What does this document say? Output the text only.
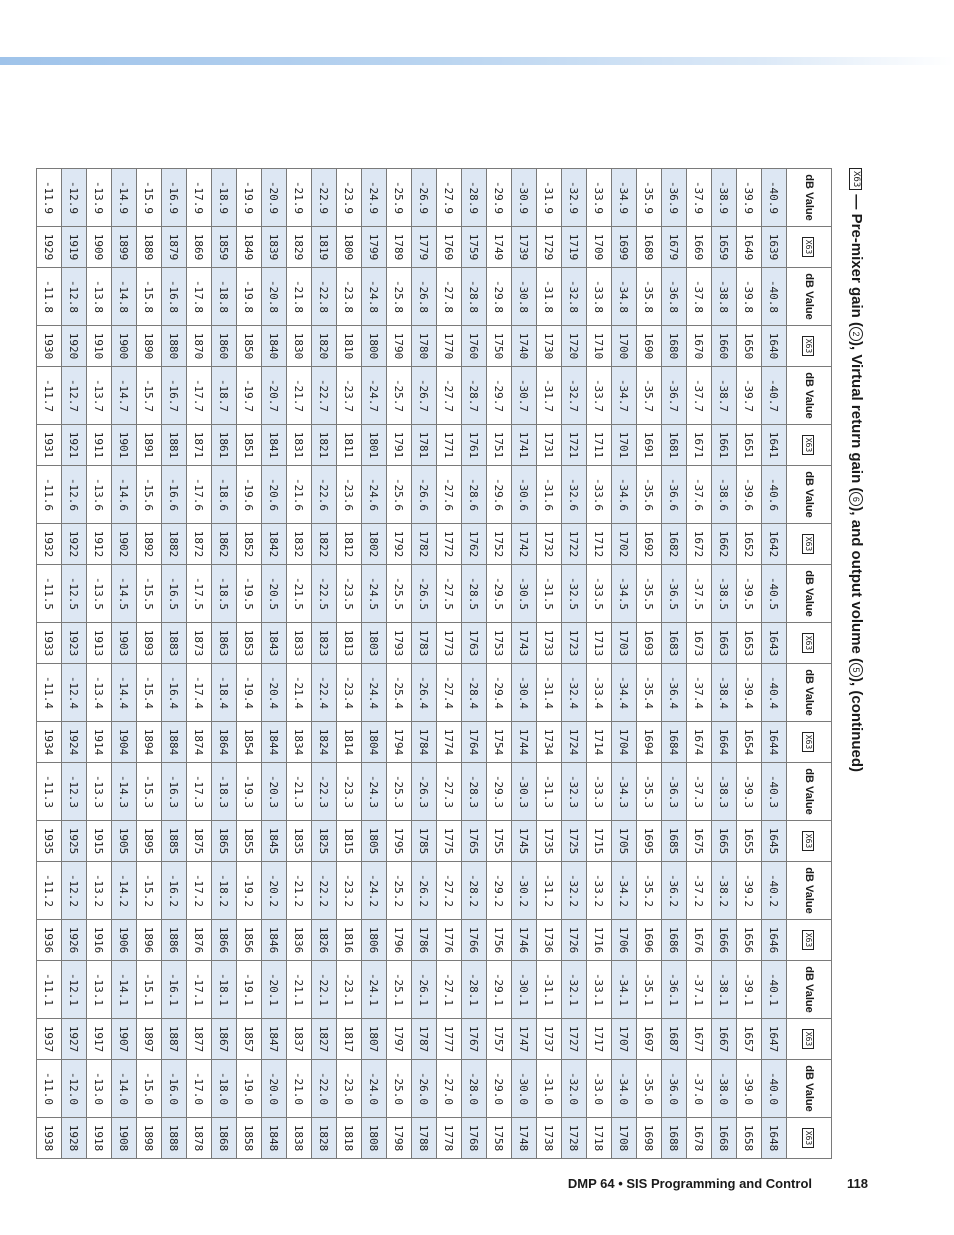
X63 — Pre-mixer gain (2), Virtual return gain (6), and output volume (5), (continued)
dB Value	X63	dB Value	X63	dB Value	X63	dB Value	X63	dB Value	X63	dB Value	X63	dB Value	X63	dB Value	X63	dB Value	X63	dB Value	X63
-40.9	1639	-40.8	1640	-40.7	1641	-40.6	1642	-40.5	1643	-40.4	1644	-40.3	1645	-40.2	1646	-40.1	1647	-40.0	1648
-39.9	1649	-39.8	1650	-39.7	1651	-39.6	1652	-39.5	1653	-39.4	1654	-39.3	1655	-39.2	1656	-39.1	1657	-39.0	1658
-38.9	1659	-38.8	1660	-38.7	1661	-38.6	1662	-38.5	1663	-38.4	1664	-38.3	1665	-38.2	1666	-38.1	1667	-38.0	1668
-37.9	1669	-37.8	1670	-37.7	1671	-37.6	1672	-37.5	1673	-37.4	1674	-37.3	1675	-37.2	1676	-37.1	1677	-37.0	1678
-36.9	1679	-36.8	1680	-36.7	1681	-36.6	1682	-36.5	1683	-36.4	1684	-36.3	1685	-36.2	1686	-36.1	1687	-36.0	1688
-35.9	1689	-35.8	1690	-35.7	1691	-35.6	1692	-35.5	1693	-35.4	1694	-35.3	1695	-35.2	1696	-35.1	1697	-35.0	1698
-34.9	1699	-34.8	1700	-34.7	1701	-34.6	1702	-34.5	1703	-34.4	1704	-34.3	1705	-34.2	1706	-34.1	1707	-34.0	1708
-33.9	1709	-33.8	1710	-33.7	1711	-33.6	1712	-33.5	1713	-33.4	1714	-33.3	1715	-33.2	1716	-33.1	1717	-33.0	1718
-32.9	1719	-32.8	1720	-32.7	1721	-32.6	1722	-32.5	1723	-32.4	1724	-32.3	1725	-32.2	1726	-32.1	1727	-32.0	1728
-31.9	1729	-31.8	1730	-31.7	1731	-31.6	1732	-31.5	1733	-31.4	1734	-31.3	1735	-31.2	1736	-31.1	1737	-31.0	1738
-30.9	1739	-30.8	1740	-30.7	1741	-30.6	1742	-30.5	1743	-30.4	1744	-30.3	1745	-30.2	1746	-30.1	1747	-30.0	1748
-29.9	1749	-29.8	1750	-29.7	1751	-29.6	1752	-29.5	1753	-29.4	1754	-29.3	1755	-29.2	1756	-29.1	1757	-29.0	1758
-28.9	1759	-28.8	1760	-28.7	1761	-28.6	1762	-28.5	1763	-28.4	1764	-28.3	1765	-28.2	1766	-28.1	1767	-28.0	1768
-27.9	1769	-27.8	1770	-27.7	1771	-27.6	1772	-27.5	1773	-27.4	1774	-27.3	1775	-27.2	1776	-27.1	1777	-27.0	1778
-26.9	1779	-26.8	1780	-26.7	1781	-26.6	1782	-26.5	1783	-26.4	1784	-26.3	1785	-26.2	1786	-26.1	1787	-26.0	1788
-25.9	1789	-25.8	1790	-25.7	1791	-25.6	1792	-25.5	1793	-25.4	1794	-25.3	1795	-25.2	1796	-25.1	1797	-25.0	1798
-24.9	1799	-24.8	1800	-24.7	1801	-24.6	1802	-24.5	1803	-24.4	1804	-24.3	1805	-24.2	1806	-24.1	1807	-24.0	1808
-23.9	1809	-23.8	1810	-23.7	1811	-23.6	1812	-23.5	1813	-23.4	1814	-23.3	1815	-23.2	1816	-23.1	1817	-23.0	1818
-22.9	1819	-22.8	1820	-22.7	1821	-22.6	1822	-22.5	1823	-22.4	1824	-22.3	1825	-22.2	1826	-22.1	1827	-22.0	1828
-21.9	1829	-21.8	1830	-21.7	1831	-21.6	1832	-21.5	1833	-21.4	1834	-21.3	1835	-21.2	1836	-21.1	1837	-21.0	1838
-20.9	1839	-20.8	1840	-20.7	1841	-20.6	1842	-20.5	1843	-20.4	1844	-20.3	1845	-20.2	1846	-20.1	1847	-20.0	1848
-19.9	1849	-19.8	1850	-19.7	1851	-19.6	1852	-19.5	1853	-19.4	1854	-19.3	1855	-19.2	1856	-19.1	1857	-19.0	1858
-18.9	1859	-18.8	1860	-18.7	1861	-18.6	1862	-18.5	1863	-18.4	1864	-18.3	1865	-18.2	1866	-18.1	1867	-18.0	1868
-17.9	1869	-17.8	1870	-17.7	1871	-17.6	1872	-17.5	1873	-17.4	1874	-17.3	1875	-17.2	1876	-17.1	1877	-17.0	1878
-16.9	1879	-16.8	1880	-16.7	1881	-16.6	1882	-16.5	1883	-16.4	1884	-16.3	1885	-16.2	1886	-16.1	1887	-16.0	1888
-15.9	1889	-15.8	1890	-15.7	1891	-15.6	1892	-15.5	1893	-15.4	1894	-15.3	1895	-15.2	1896	-15.1	1897	-15.0	1898
-14.9	1899	-14.8	1900	-14.7	1901	-14.6	1902	-14.5	1903	-14.4	1904	-14.3	1905	-14.2	1906	-14.1	1907	-14.0	1908
-13.9	1909	-13.8	1910	-13.7	1911	-13.6	1912	-13.5	1913	-13.4	1914	-13.3	1915	-13.2	1916	-13.1	1917	-13.0	1918
-12.9	1919	-12.8	1920	-12.7	1921	-12.6	1922	-12.5	1923	-12.4	1924	-12.3	1925	-12.2	1926	-12.1	1927	-12.0	1928
-11.9	1929	-11.8	1930	-11.7	1931	-11.6	1932	-11.5	1933	-11.4	1934	-11.3	1935	-11.2	1936	-11.1	1937	-11.0	1938
DMP 64 • SIS Programming and Control	118
